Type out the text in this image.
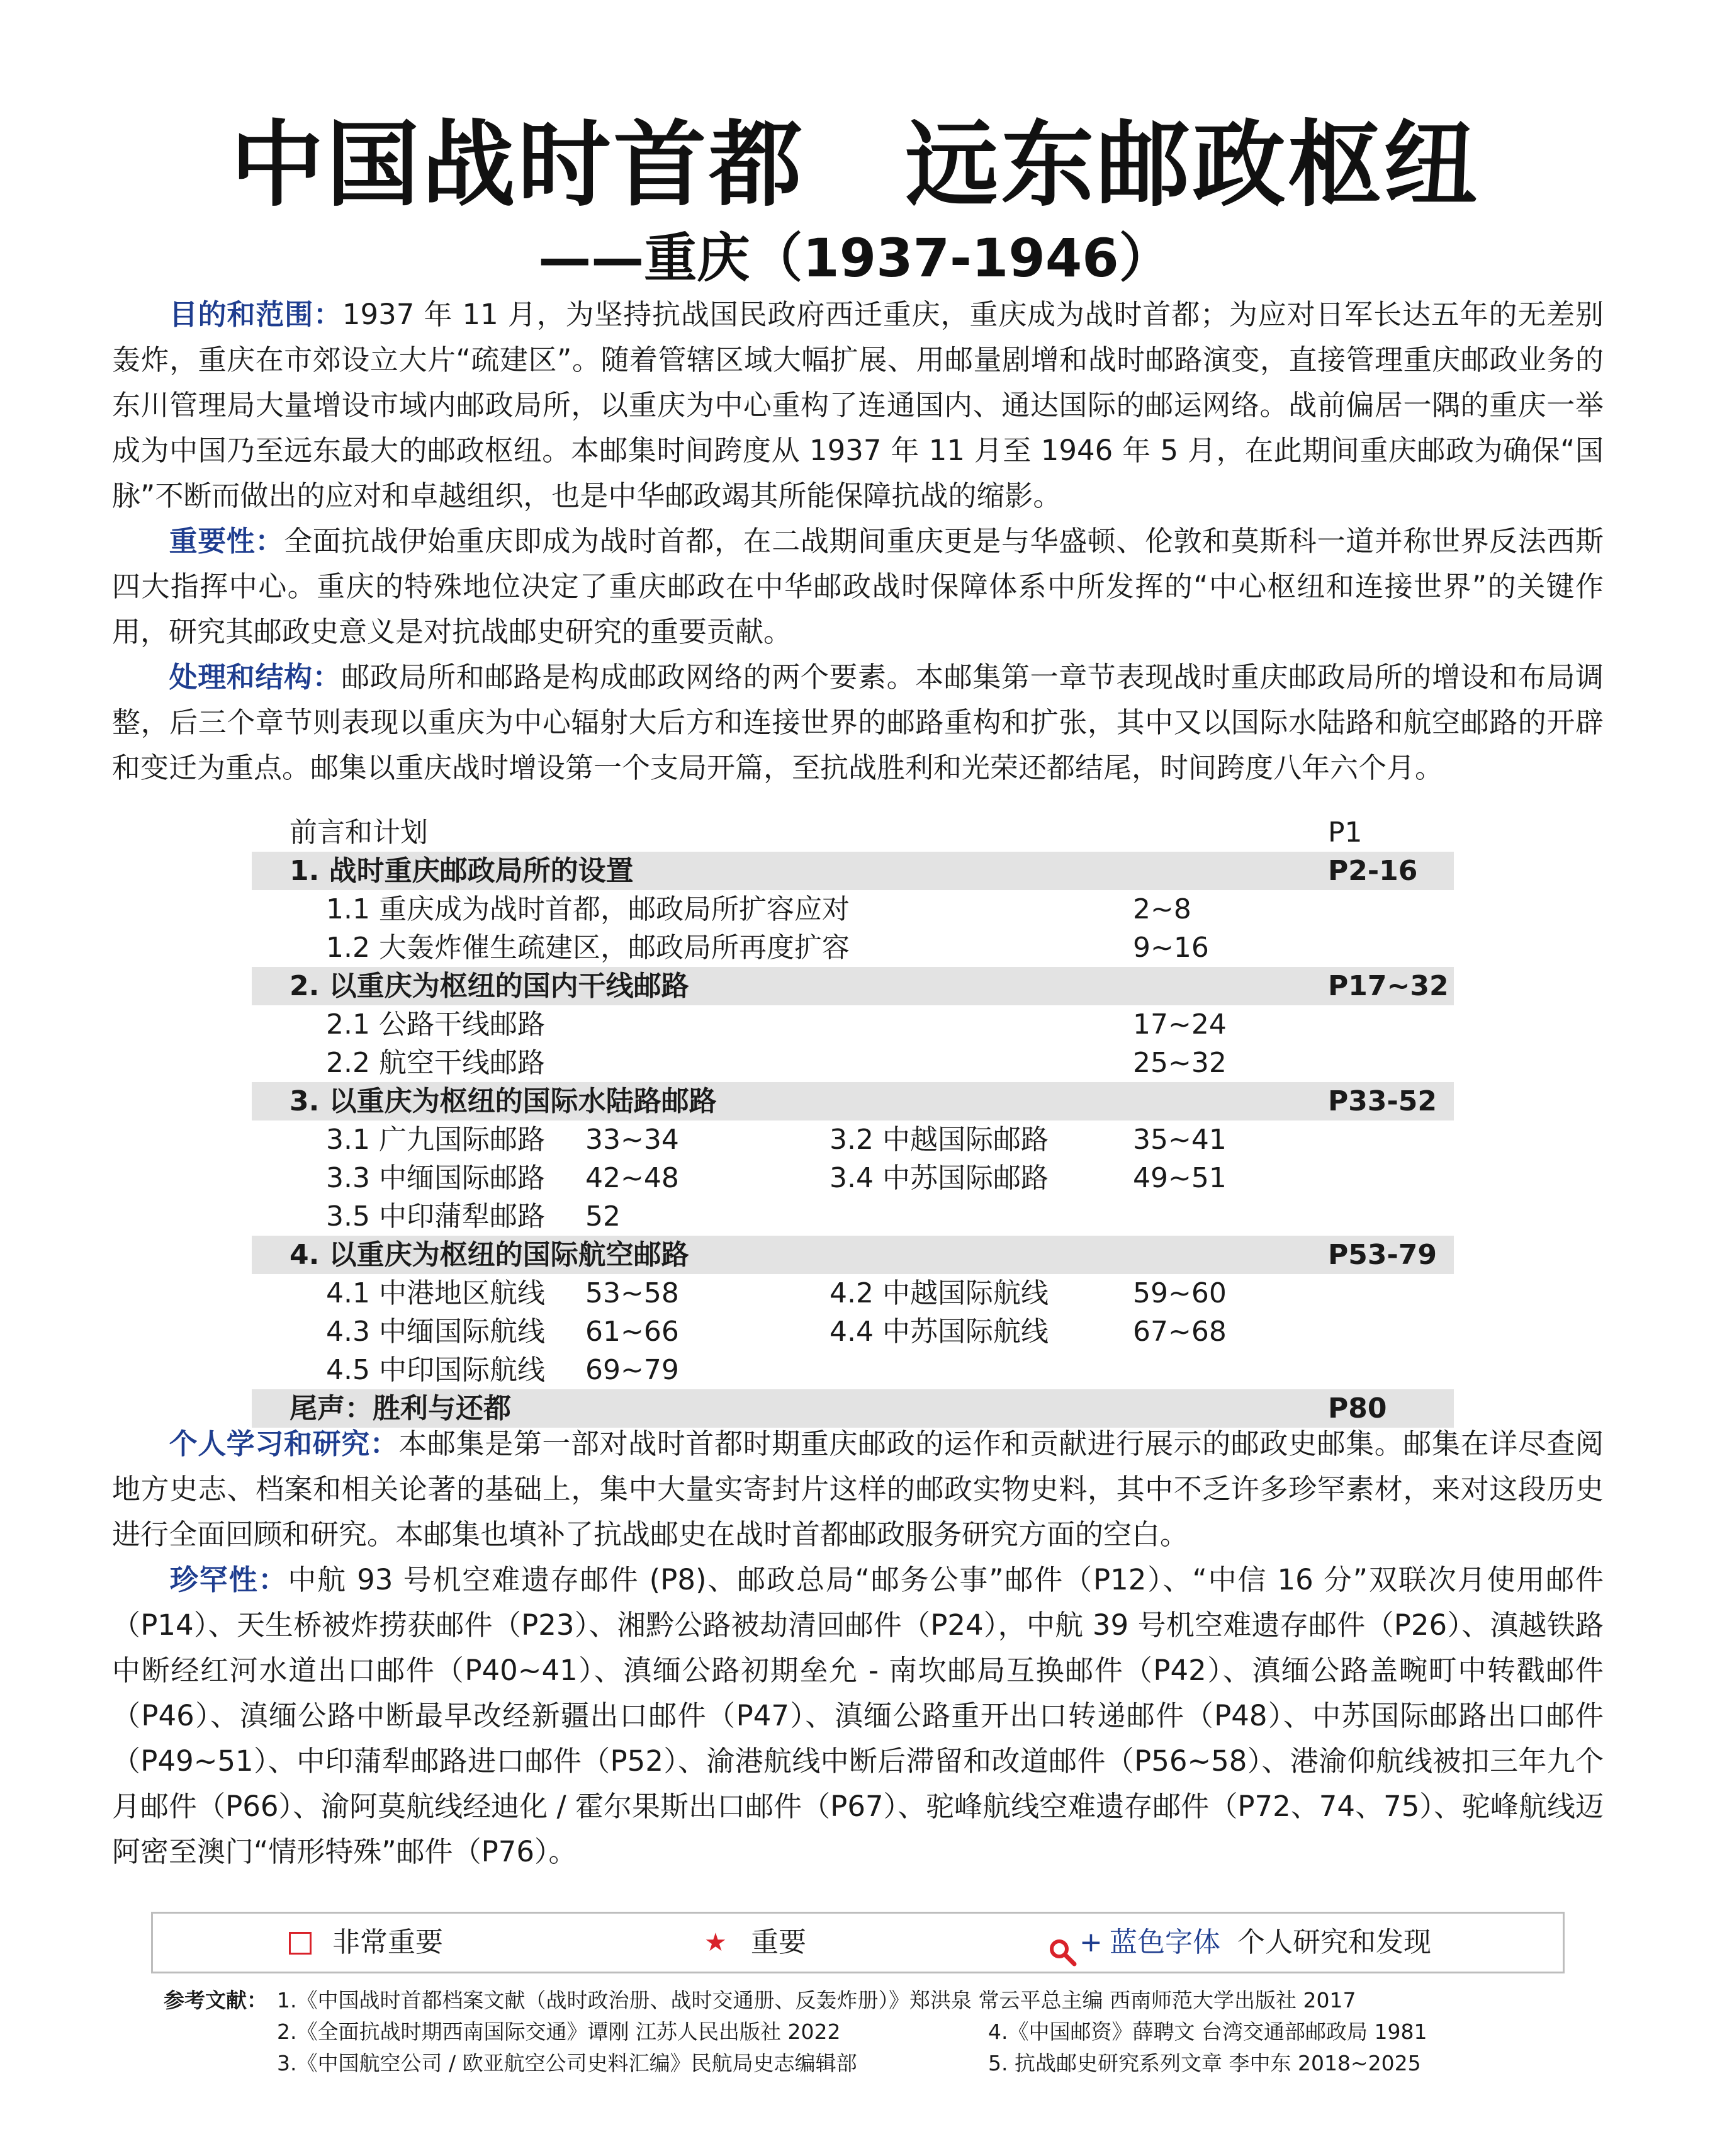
中国战时首都 远东邮政枢纽
——重庆（1937-1946）

目的和范围：1937 年 11 月，为坚持抗战国民政府西迁重庆，重庆成为战时首都；为应对日军长达五年的无差别轰炸，重庆在市郊设立大片“疏建区”。随着管辖区域大幅扩展、用邮量剧增和战时邮路演变，直接管理重庆邮政业务的东川管理局大量增设市域内邮政局所，以重庆为中心重构了连通国内、通达国际的邮运网络。战前偏居一隅的重庆一举成为中国乃至远东最大的邮政枢纽。本邮集时间跨度从 1937 年 11 月至 1946 年 5 月，在此期间重庆邮政为确保“国脉”不断而做出的应对和卓越组织，也是中华邮政竭其所能保障抗战的缩影。

重要性：全面抗战伊始重庆即成为战时首都，在二战期间重庆更是与华盛顿、伦敦和莫斯科一道并称世界反法西斯四大指挥中心。重庆的特殊地位决定了重庆邮政在中华邮政战时保障体系中所发挥的“中心枢纽和连接世界”的关键作用，研究其邮政史意义是对抗战邮史研究的重要贡献。

处理和结构：邮政局所和邮路是构成邮政网络的两个要素。本邮集第一章节表现战时重庆邮政局所的增设和布局调整，后三个章节则表现以重庆为中心辐射大后方和连接世界的邮路重构和扩张，其中又以国际水陆路和航空邮路的开辟和变迁为重点。邮集以重庆战时增设第一个支局开篇，至抗战胜利和光荣还都结尾，时间跨度八年六个月。

前言和计划	P1
1. 战时重庆邮政局所的设置	P2-16
1.1 重庆成为战时首都，邮政局所扩容应对	2~8
1.2 大轰炸催生疏建区，邮政局所再度扩容	9~16
2. 以重庆为枢纽的国内干线邮路	P17~32
2.1 公路干线邮路	17~24
2.2 航空干线邮路	25~32
3. 以重庆为枢纽的国际水陆路邮路	P33-52
3.1 广九国际邮路 33~34	3.2 中越国际邮路	35~41
3.3 中缅国际邮路 42~48	3.4 中苏国际邮路	49~51
3.5 中印蒲犁邮路 52
4. 以重庆为枢纽的国际航空邮路	P53-79
4.1 中港地区航线 53~58	4.2 中越国际航线	59~60
4.3 中缅国际航线 61~66	4.4 中苏国际航线	67~68
4.5 中印国际航线 69~79
尾声：胜利与还都	P80

个人学习和研究：本邮集是第一部对战时首都时期重庆邮政的运作和贡献进行展示的邮政史邮集。邮集在详尽查阅地方史志、档案和相关论著的基础上，集中大量实寄封片这样的邮政实物史料，其中不乏许多珍罕素材，来对这段历史进行全面回顾和研究。本邮集也填补了抗战邮史在战时首都邮政服务研究方面的空白。

珍罕性：中航 93 号机空难遗存邮件 (P8)、邮政总局“邮务公事”邮件（P12）、“中信 16 分”双联次月使用邮件（P14）、天生桥被炸捞获邮件（P23）、湘黔公路被劫清回邮件（P24），中航 39 号机空难遗存邮件（P26）、滇越铁路中断经红河水道出口邮件（P40~41）、滇缅公路初期垒允 - 南坎邮局互换邮件（P42）、滇缅公路盖畹町中转戳邮件（P46）、滇缅公路中断最早改经新疆出口邮件（P47）、滇缅公路重开出口转递邮件（P48）、中苏国际邮路出口邮件（P49~51）、中印蒲犁邮路进口邮件（P52）、渝港航线中断后滞留和改道邮件（P56~58）、港渝仰航线被扣三年九个月邮件（P66）、渝阿莫航线经迪化 / 霍尔果斯出口邮件（P67）、驼峰航线空难遗存邮件（P72、74、75）、驼峰航线迈阿密至澳门“情形特殊”邮件（P76）。

非常重要	★ 重要	+ 蓝色字体 个人研究和发现
参考文献： 1.《中国战时首都档案文献（战时政治册、战时交通册、反轰炸册）》郑洪泉 常云平总主编 西南师范大学出版社 2017
2.《全面抗战时期西南国际交通》谭刚 江苏人民出版社 2022	4.《中国邮资》薛聘文 台湾交通部邮政局 1981
3.《中国航空公司 / 欧亚航空公司史料汇编》民航局史志编辑部	5. 抗战邮史研究系列文章 李中东 2018~2025
